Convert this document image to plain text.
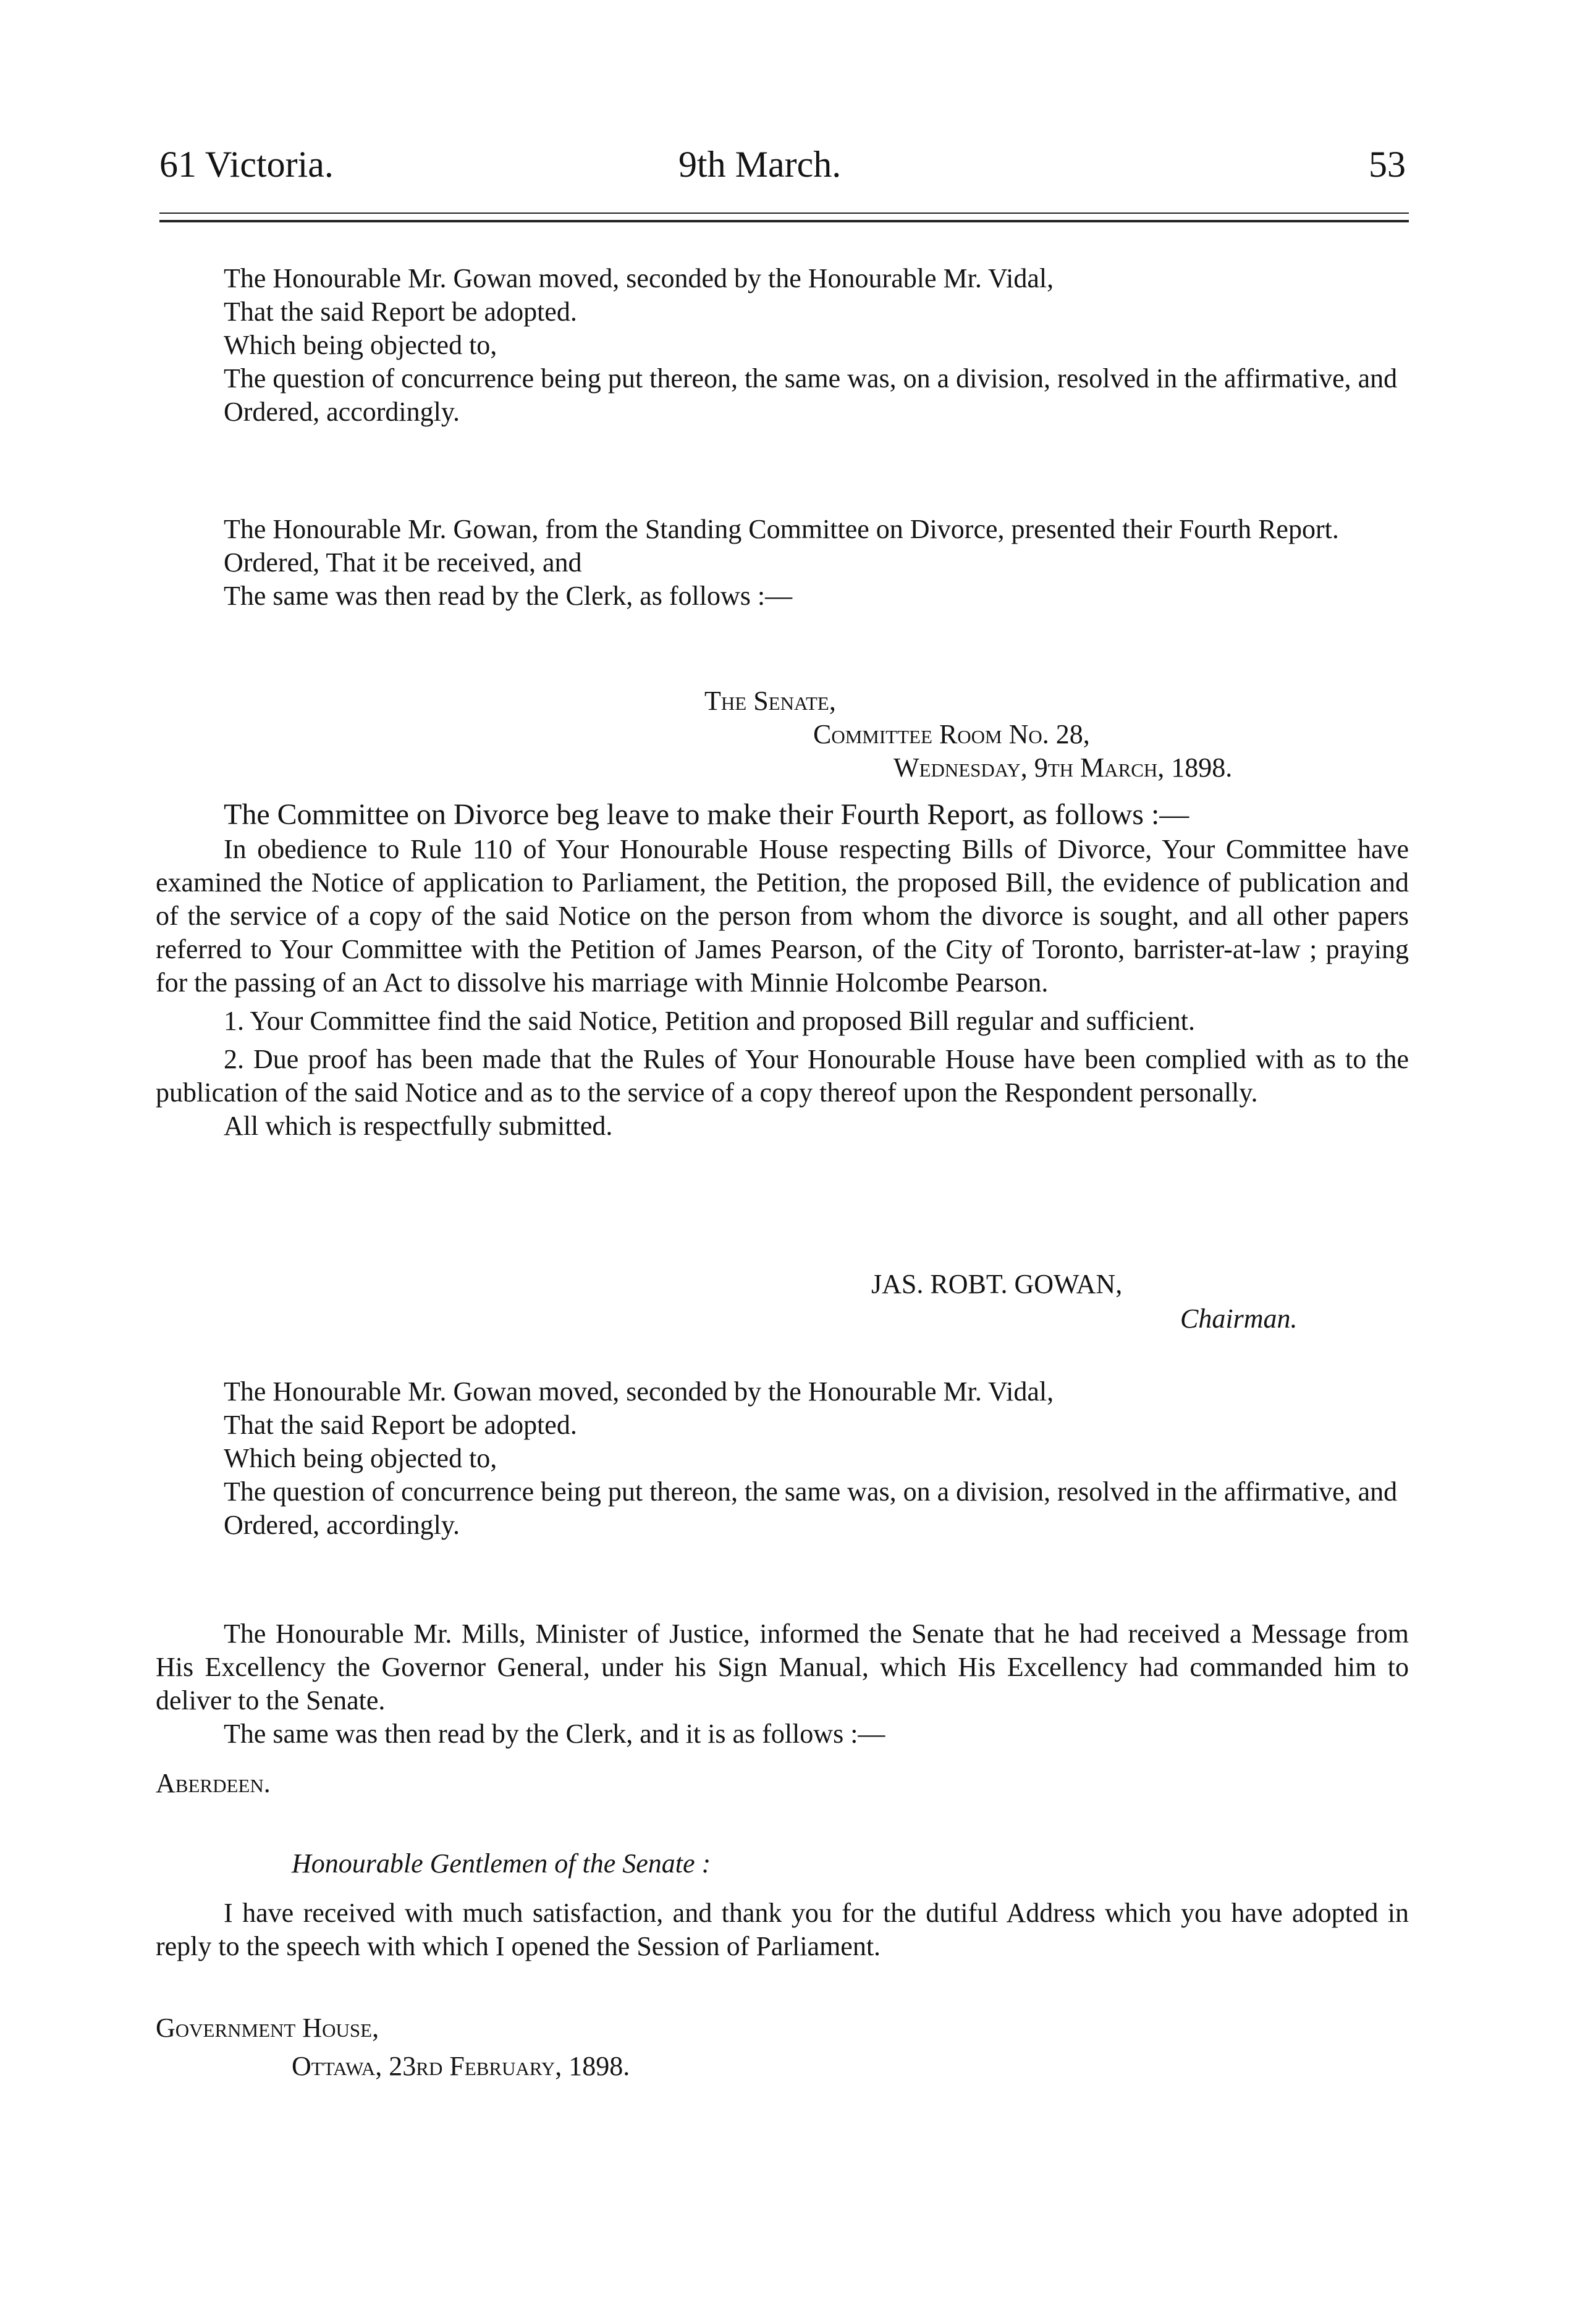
61 Victoria.	9th March.	53

The Honourable Mr. Gowan moved, seconded by the Honourable Mr. Vidal,

That the said Report be adopted.

Which being objected to,

The question of concurrence being put thereon, the same was, on a division, resolved in the affirmative, and

Ordered, accordingly.

The Honourable Mr. Gowan, from the Standing Committee on Divorce, presented their Fourth Report.

Ordered, That it be received, and

The same was then read by the Clerk, as follows :—

The Senate,
Committee Room No. 28,
Wednesday, 9th March, 1898.

The Committee on Divorce beg leave to make their Fourth Report, as follows :—

In obedience to Rule 110 of Your Honourable House respecting Bills of Divorce, Your Committee have examined the Notice of application to Parliament, the Petition, the proposed Bill, the evidence of publication and of the service of a copy of the said Notice on the person from whom the divorce is sought, and all other papers referred to Your Committee with the Petition of James Pearson, of the City of Toronto, barrister-at-law ; praying for the passing of an Act to dissolve his marriage with Minnie Holcombe Pearson.

1. Your Committee find the said Notice, Petition and proposed Bill regular and sufficient.

2. Due proof has been made that the Rules of Your Honourable House have been complied with as to the publication of the said Notice and as to the service of a copy thereof upon the Respondent personally.

All which is respectfully submitted.

JAS. ROBT. GOWAN,
Chairman.

The Honourable Mr. Gowan moved, seconded by the Honourable Mr. Vidal,

That the said Report be adopted.

Which being objected to,

The question of concurrence being put thereon, the same was, on a division, resolved in the affirmative, and

Ordered, accordingly.

The Honourable Mr. Mills, Minister of Justice, informed the Senate that he had received a Message from His Excellency the Governor General, under his Sign Manual, which His Excellency had commanded him to deliver to the Senate.

The same was then read by the Clerk, and it is as follows :—

Aberdeen.
Honourable Gentlemen of the Senate :

I have received with much satisfaction, and thank you for the dutiful Address which you have adopted in reply to the speech with which I opened the Session of Parliament.

Government House,
Ottawa, 23rd February, 1898.
